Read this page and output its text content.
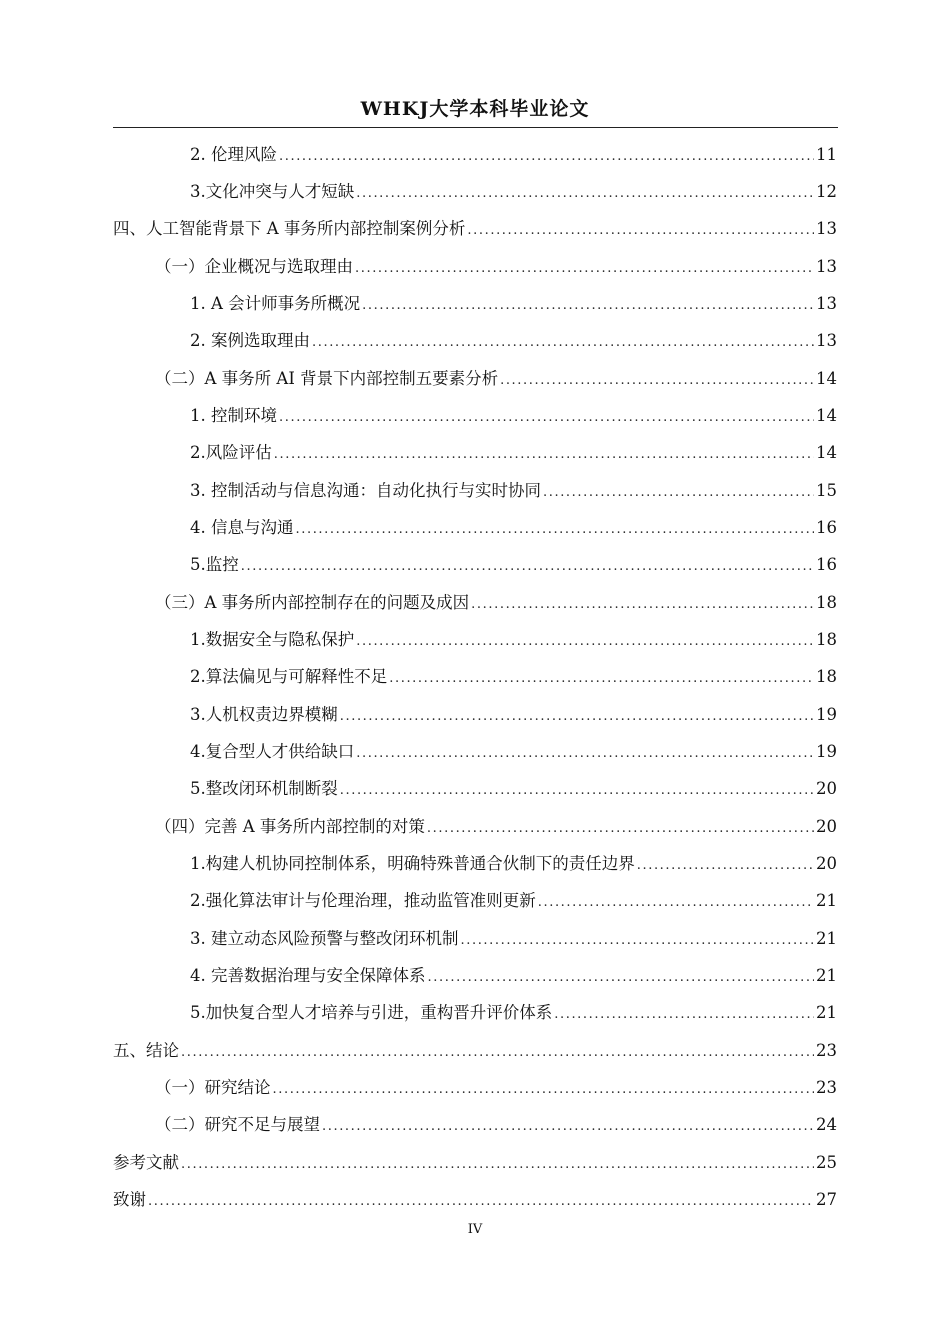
WHKJ大学本科毕业论文
2. 伦理风险 .....	11
3.文化冲突与人才短缺 .....	12
四、人工智能背景下 A 事务所内部控制案例分析 .....	13
（一）企业概况与选取理由 .....	13
1. A 会计师事务所概况 .....	13
2. 案例选取理由 .....	13
（二）A 事务所 AI 背景下内部控制五要素分析 .....	14
1. 控制环境 .....	14
2.风险评估 .....	14
3. 控制活动与信息沟通：自动化执行与实时协同 .....	15
4. 信息与沟通 .....	16
5.监控 .....	16
（三）A 事务所内部控制存在的问题及成因 .....	18
1.数据安全与隐私保护 .....	18
2.算法偏见与可解释性不足 .....	18
3.人机权责边界模糊 .....	19
4.复合型人才供给缺口 .....	19
5.整改闭环机制断裂 .....	20
（四）完善 A 事务所内部控制的对策 .....	20
1.构建人机协同控制体系，明确特殊普通合伙制下的责任边界 .....	20
2.强化算法审计与伦理治理，推动监管准则更新 .....	21
3. 建立动态风险预警与整改闭环机制 .....	21
4. 完善数据治理与安全保障体系 .....	21
5.加快复合型人才培养与引进，重构晋升评价体系 .....	21
五、结论 .....	23
（一）研究结论 .....	23
（二）研究不足与展望 .....	24
参考文献 .....	25
致谢 .....	27
IV
